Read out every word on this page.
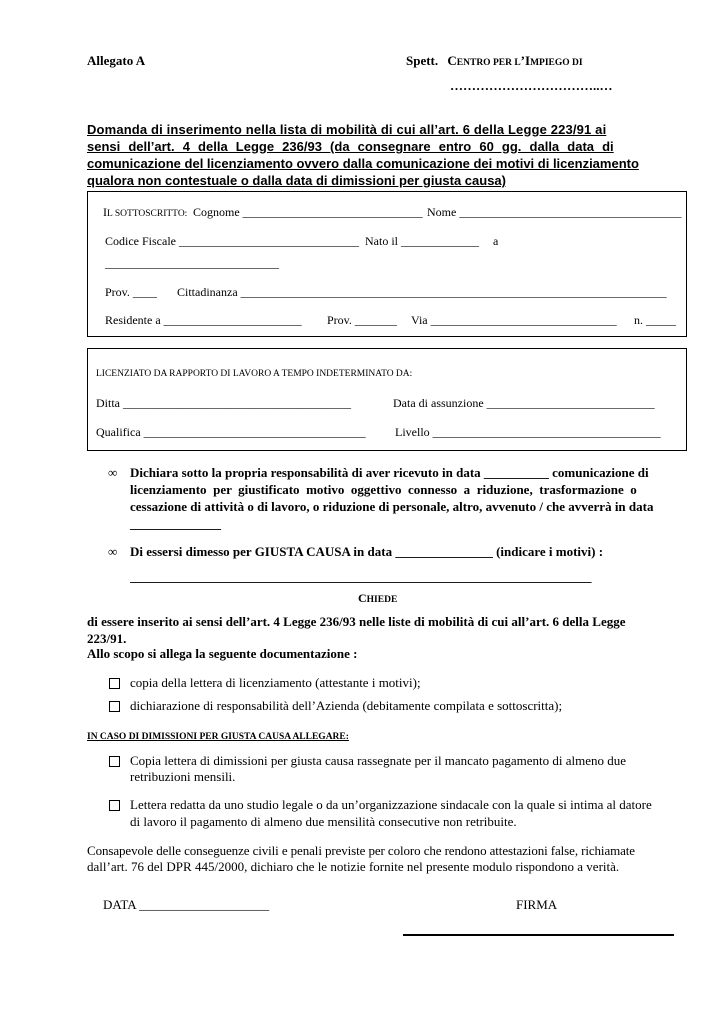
Allegato A	Spett. CENTRO PER L’IMPIEGO DI
……………………………..…
Domanda di inserimento nella lista di mobilità di cui all’art. 6 della Legge 223/91 ai
sensi dell’art. 4 della Legge 236/93 (da consegnare entro 60 gg. dalla data di
comunicazione del licenziamento ovvero dalla comunicazione dei motivi di licenziamento
qualora non contestuale o dalla data di dimissioni per giusta causa)
IL SOTTOSCRITTO: Cognome ______________________________ Nome _____________________________________
Codice Fiscale ______________________________ Nato il _____________ a
_____________________________
Prov. ____ Cittadinanza _______________________________________________________________________
Residente a _______________________ Prov. _______ Via _______________________________ n. _____
LICENZIATO DA RAPPORTO DI LAVORO A TEMPO INDETERMINATO DA:
Ditta ______________________________________	Data di assunzione ____________________________
Qualifica _____________________________________ Livello ______________________________________
∞ Dichiara sotto la propria responsabilità di aver ricevuto in data __________ comunicazione di
licenziamento per giustificato motivo oggettivo connesso a riduzione, trasformazione o
cessazione di attività o di lavoro, o riduzione di personale, altro, avvenuto / che avverrà in data
______________
∞ Di essersi dimesso per GIUSTA CAUSA in data _______________ (indicare i motivi) :
_______________________________________________________________________
CHIEDE
di essere inserito ai sensi dell’art. 4 Legge 236/93 nelle liste di mobilità di cui all’art. 6 della Legge
223/91.
Allo scopo si allega la seguente documentazione :
copia della lettera di licenziamento (attestante i motivi);
dichiarazione di responsabilità dell’Azienda (debitamente compilata e sottoscritta);
IN CASO DI DIMISSIONI PER GIUSTA CAUSA ALLEGARE:
Copia lettera di dimissioni per giusta causa rassegnate per il mancato pagamento di almeno due
retribuzioni mensili.
Lettera redatta da uno studio legale o da un’organizzazione sindacale con la quale si intima al datore
di lavoro il pagamento di almeno due mensilità consecutive non retribuite.
Consapevole delle conseguenze civili e penali previste per coloro che rendono attestazioni false, richiamate
dall’art. 76 del DPR 445/2000, dichiaro che le notizie fornite nel presente modulo rispondono a verità.
DATA ____________________	FIRMA
